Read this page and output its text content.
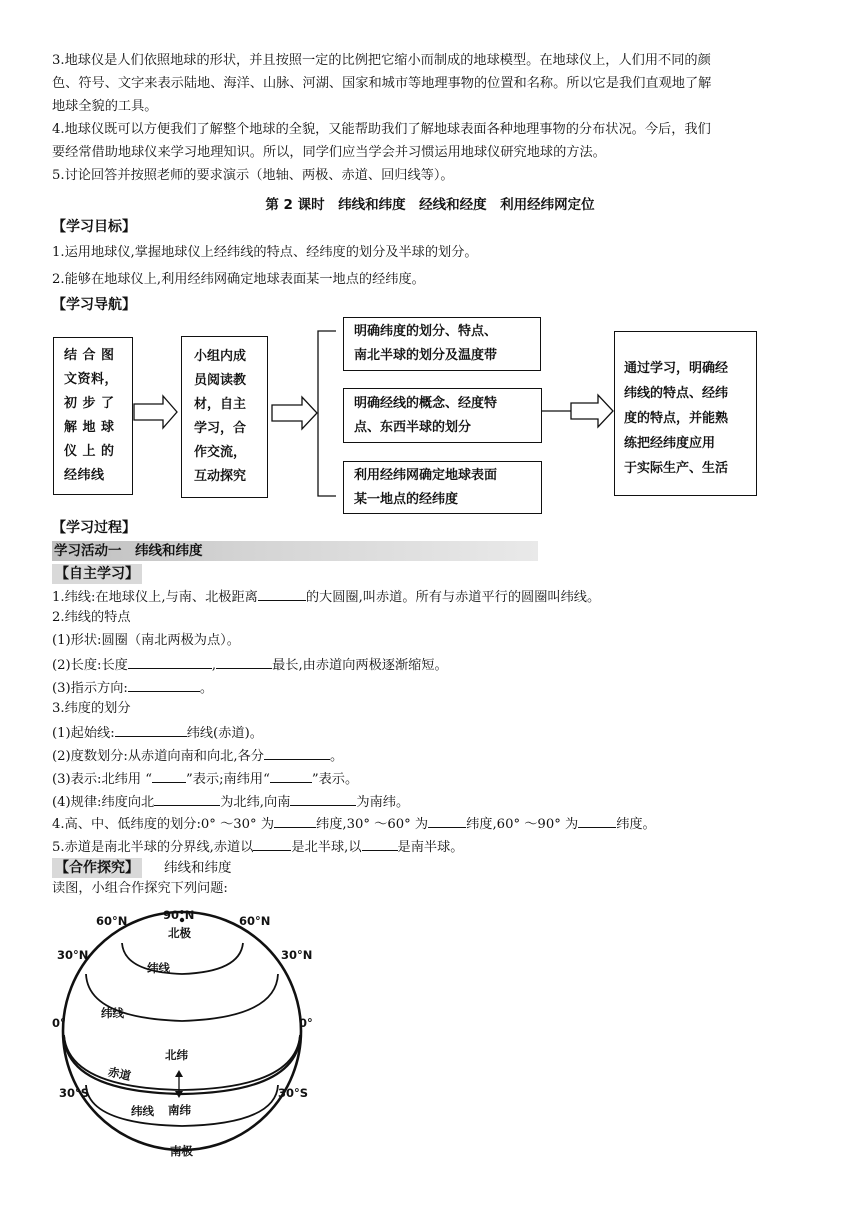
3.地球仪是人们依照地球的形状，并且按照一定的比例把它缩小而制成的地球模型。在地球仪上，人们用不同的颜
色、符号、文字来表示陆地、海洋、山脉、河湖、国家和城市等地理事物的位置和名称。所以它是我们直观地了解
地球全貌的工具。
4.地球仪既可以方便我们了解整个地球的全貌，又能帮助我们了解地球表面各种地理事物的分布状况。今后，我们
要经常借助地球仪来学习地理知识。所以，同学们应当学会并习惯运用地球仪研究地球的方法。
5.讨论回答并按照老师的要求演示（地轴、两极、赤道、回归线等）。
第 2 课时　纬线和纬度　经线和经度　利用经纬网定位
【学习目标】
1.运用地球仪,掌握地球仪上经纬线的特点、经纬度的划分及半球的划分。
2.能够在地球仪上,利用经纬网确定地球表面某一地点的经纬度。
【学习导航】
结 合 图
文资料，
初 步 了
解 地 球
仪 上 的
经纬线
小组内成
员阅读教
材，自主
学习，合
作交流，
互动探究
明确纬度的划分、特点、
南北半球的划分及温度带
明确经线的概念、经度特
点、东西半球的划分
利用经纬网确定地球表面
某一地点的经纬度
通过学习，明确经
纬线的特点、经纬
度的特点，并能熟
练把经纬度应用
于实际生产、生活
【学习过程】
学习活动一　纬线和纬度
【自主学习】
1.纬线:在地球仪上,与南、北极距离	的大圆圈,叫赤道。所有与赤道平行的圆圈叫纬线。
2.纬线的特点
(1)形状:圆圈（南北两极为点）。
(2)长度:长度	,	最长,由赤道向两极逐渐缩短。
(3)指示方向:	。
3.纬度的划分
(1)起始线:	纬线(赤道)。
(2)度数划分:从赤道向南和向北,各分	。
(3)表示:北纬用 “	”表示;南纬用“	”表示。
(4)规律:纬度向北	为北纬,向南	为南纬。
4.高、中、低纬度的划分:0° ～30° 为	纬度,30° ～60° 为	纬度,60° ～90° 为	纬度。
5.赤道是南北半球的分界线,赤道以	是北半球,以	是南半球。
【合作探究】 纬线和纬度
读图，小组合作探究下列问题:
90°N
北极
60°N	60°N
30°N	30°N
0°	0°
30°S	30°S
纬线
纬线
赤道
北纬
南纬
纬线
南极
